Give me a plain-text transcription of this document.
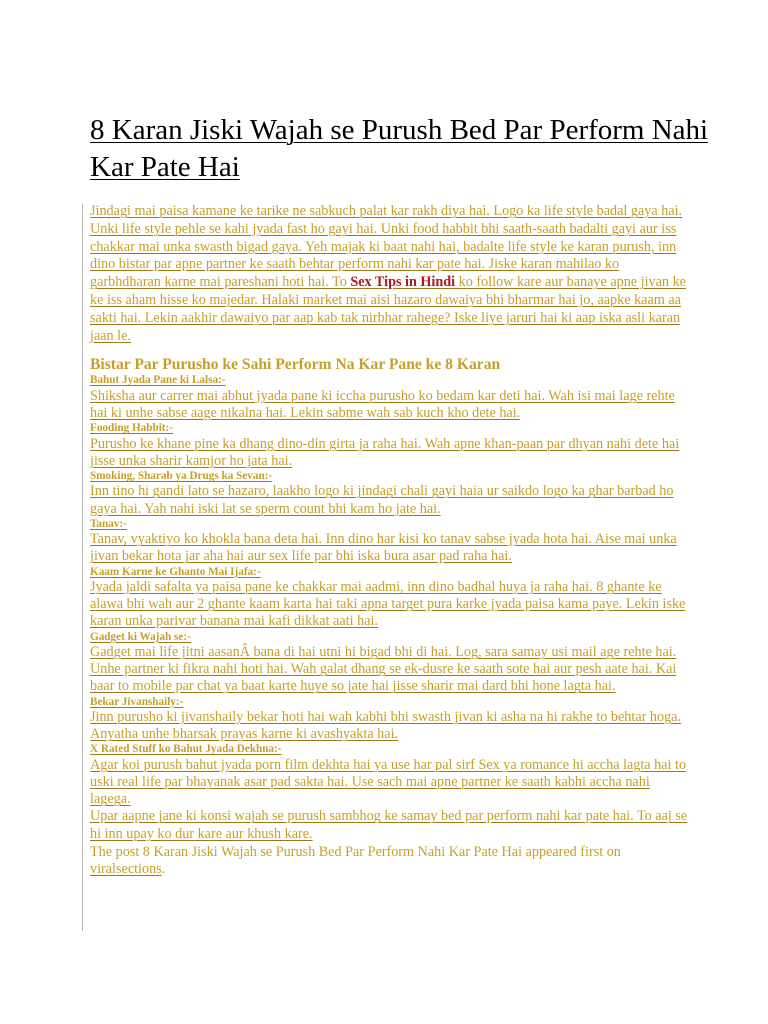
8 Karan Jiski Wajah se Purush Bed Par Perform Nahi Kar Pate Hai

Jindagi mai paisa kamane ke tarike ne sabkuch palat kar rakh diya hai. Logo ka life style badal gaya hai. Unki life style pehle se kahi jyada fast ho gayi hai. Unki food habbit bhi saath-saath badalti gayi aur iss chakkar mai unka swasth bigad gaya. Yeh majak ki baat nahi hai, badalte life style ke karan purush, inn dino bistar par apne partner ke saath behtar perform nahi kar pate hai. Jiske karan mahilao ko garbhdharan karne mai pareshani hoti hai. To Sex Tips in Hindi ko follow kare aur banaye apne jivan ke ke iss aham hisse ko majedar. Halaki market mai aisi hazaro dawaiya bhi bharmar hai jo, aapke kaam aa sakti hai. Lekin aakhir dawaiyo par aap kab tak nirbhar rahege? Iske liye jaruri hai ki aap iska asli karan jaan le.

Bistar Par Purusho ke Sahi Perform Na Kar Pane ke 8 Karan

Bahut Jyada Pane ki Lalsa:-

Shiksha aur carrer mai abhut jyada pane ki iccha purusho ko bedam kar deti hai. Wah isi mai lage rehte hai ki unhe sabse aage nikalna hai. Lekin sabme wah sab kuch kho dete hai.

Fooding Habbit:-

Purusho ke khane pine ka dhang dino-din girta ja raha hai. Wah apne khan-paan par dhyan nahi dete hai jisse unka sharir kamjor ho jata hai.

Smoking, Sharab ya Drugs ka Sevan:-

Inn tino hi gandi lato se hazaro, laakho logo ki jindagi chali gayi haia ur saikdo logo ka ghar barbad ho gaya hai. Yah nahi iski lat se sperm count bhi kam ho jate hai.

Tanav:-

Tanav, vyaktiyo ko khokla bana deta hai. Inn dino har kisi ko tanav sabse jyada hota hai. Aise mai unka jivan bekar hota jar aha hai aur sex life par bhi iska bura asar pad raha hai.

Kaam Karne ke Ghanto Mai Ijafa:-

Jyada jaldi safalta ya paisa pane ke chakkar mai aadmi, inn dino badhal huya ja raha hai. 8 ghante ke alawa bhi wah aur 2 ghante kaam karta hai taki apna target pura karke jyada paisa kama paye. Lekin iske karan unka parivar banana mai kafi dikkat aati hai.

Gadget ki Wajah se:-

Gadget mai life jitni aasanÂ bana di hai utni hi bigad bhi di hai. Log, sara samay usi mail age rehte hai. Unhe partner ki fikra nahi hoti hai. Wah galat dhang se ek-dusre ke saath sote hai aur pesh aate hai. Kai baar to mobile par chat ya baat karte huye so jate hai jisse sharir mai dard bhi hone lagta hai.

Bekar Jivanshaily:-

Jinn purusho ki jivanshaily bekar hoti hai wah kabhi bhi swasth jivan ki asha na hi rakhe to behtar hoga. Anyatha unhe bharsak prayas karne ki avashyakta hai.

X Rated Stuff ko Bahut Jyada Dekhna:-

Agar koi purush bahut jyada porn film dekhta hai ya use har pal sirf Sex ya romance hi accha lagta hai to uski real life par bhayanak asar pad sakta hai. Use sach mai apne partner ke saath kabhi accha nahi lagega.

Upar aapne jane ki konsi wajah se purush sambhog ke samay bed par perform nahi kar pate hai. To aaj se hi inn upay ko dur kare aur khush kare.

The post 8 Karan Jiski Wajah se Purush Bed Par Perform Nahi Kar Pate Hai appeared first on viralsections.
